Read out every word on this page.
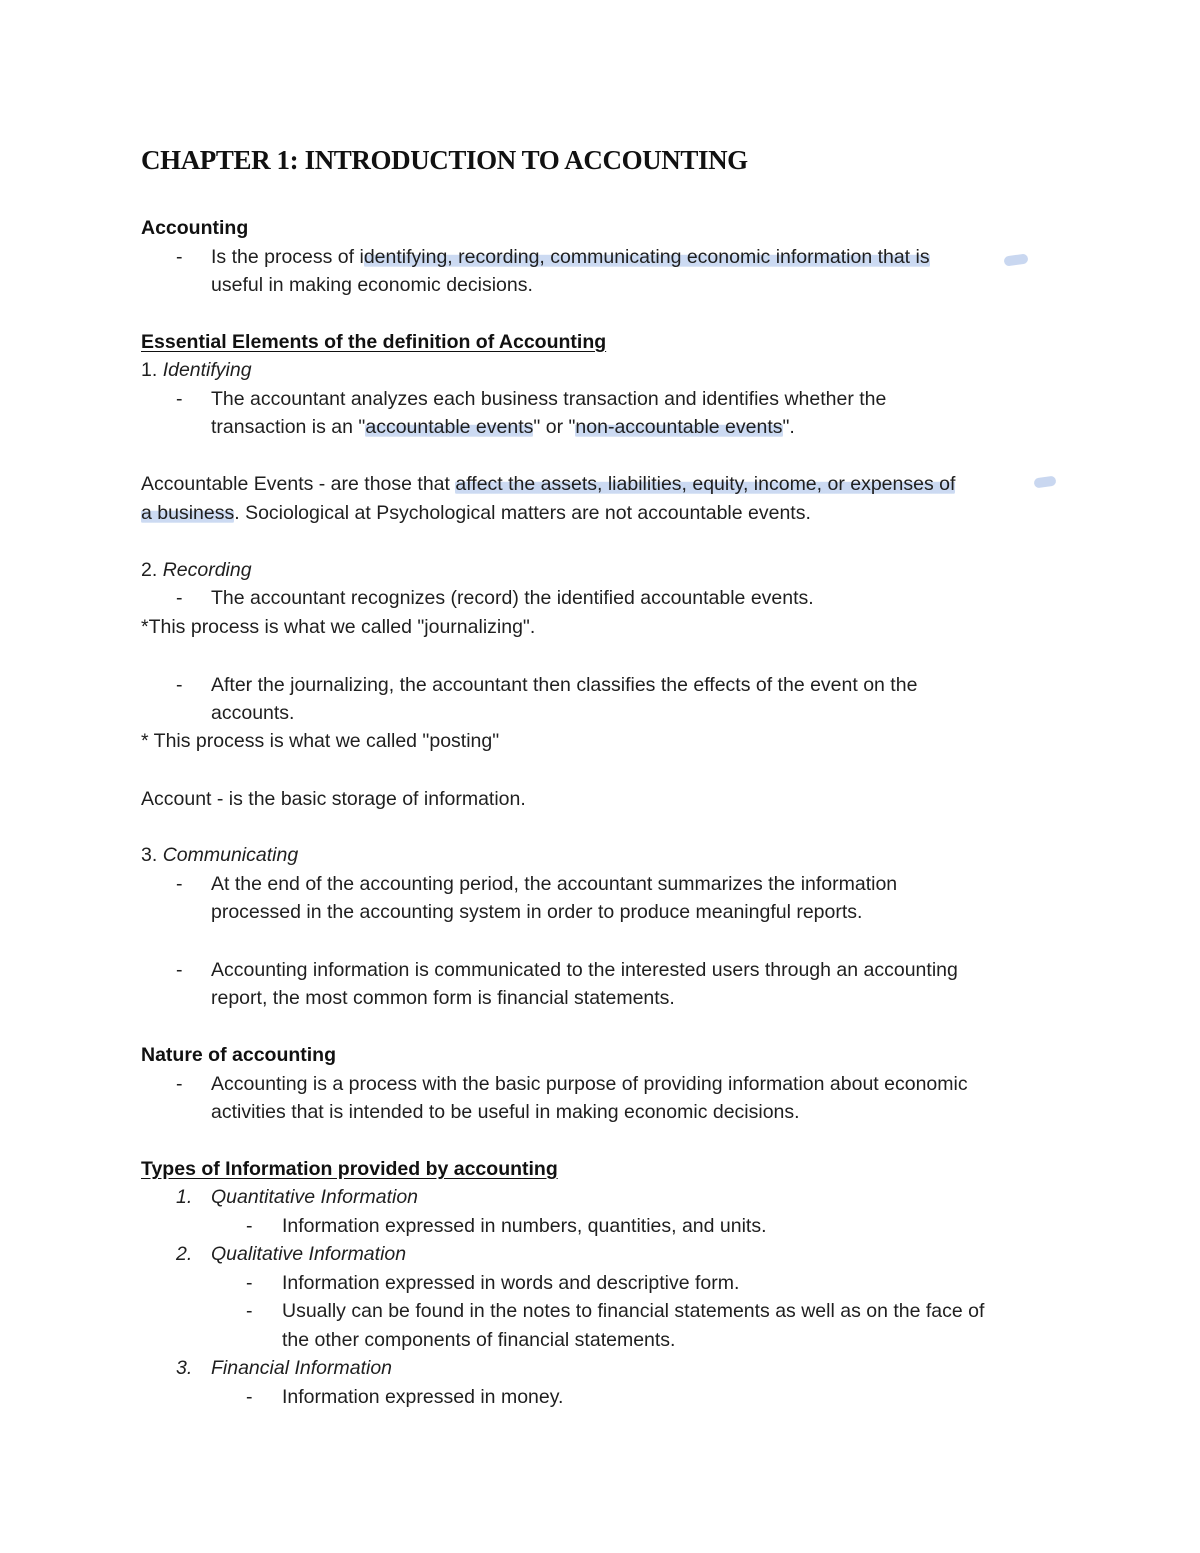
CHAPTER 1: INTRODUCTION TO ACCOUNTING
Accounting
- Is the process of identifying, recording, communicating economic information that is
useful in making economic decisions.
Essential Elements of the definition of Accounting
1. Identifying
- The accountant analyzes each business transaction and identifies whether the
transaction is an "accountable events" or "non-accountable events".
Accountable Events - are those that affect the assets, liabilities, equity, income, or expenses of
a business. Sociological at Psychological matters are not accountable events.
2. Recording
- The accountant recognizes (record) the identified accountable events.
*This process is what we called "journalizing".
- After the journalizing, the accountant then classifies the effects of the event on the
accounts.
* This process is what we called "posting"
Account - is the basic storage of information.
3. Communicating
- At the end of the accounting period, the accountant summarizes the information
processed in the accounting system in order to produce meaningful reports.
- Accounting information is communicated to the interested users through an accounting
report, the most common form is financial statements.
Nature of accounting
- Accounting is a process with the basic purpose of providing information about economic
activities that is intended to be useful in making economic decisions.
Types of Information provided by accounting
1. Quantitative Information
- Information expressed in numbers, quantities, and units.
2. Qualitative Information
- Information expressed in words and descriptive form.
- Usually can be found in the notes to financial statements as well as on the face of
the other components of financial statements.
3. Financial Information
- Information expressed in money.
